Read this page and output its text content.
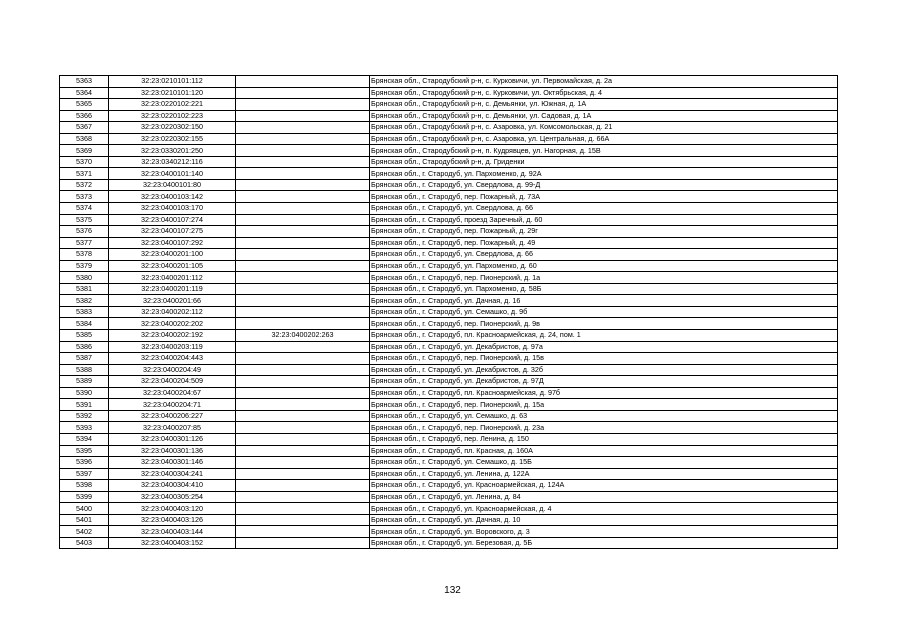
5363	32:23:0210101:112		Брянская обл., Стародубский р-н, с. Курковичи, ул. Первомайская, д. 2а
5364	32:23:0210101:120		Брянская обл., Стародубский р-н, с. Курковичи, ул. Октябрьская, д. 4
5365	32:23:0220102:221		Брянская обл., Стародубский р-н, с. Демьянки, ул. Южная, д. 1А
5366	32:23:0220102:223		Брянская обл., Стародубский р-н, с. Демьянки, ул. Садовая, д. 1А
5367	32:23:0220302:150		Брянская обл., Стародубский р-н, с. Азаровка, ул. Комсомольская, д. 21
5368	32:23:0220302:155		Брянская обл., Стародубский р-н, с. Азаровка, ул. Центральная, д. 66А
5369	32:23:0330201:250		Брянская обл., Стародубский р-н, п. Кудрявцев, ул. Нагорная, д. 15В
5370	32:23:0340212:116		Брянская обл., Стародубский р-н, д. Гриденки
5371	32:23:0400101:140		Брянская обл., г. Стародуб, ул. Пархоменко, д. 92А
5372	32:23:0400101:80		Брянская обл., г. Стародуб, ул. Свердлова, д. 99-Д
5373	32:23:0400103:142		Брянская обл., г. Стародуб, пер. Пожарный, д. 73А
5374	32:23:0400103:170		Брянская обл., г. Стародуб, ул. Свердлова, д. 66
5375	32:23:0400107:274		Брянская обл., г. Стародуб, проезд Заречный, д. 60
5376	32:23:0400107:275		Брянская обл., г. Стародуб, пер. Пожарный, д. 29г
5377	32:23:0400107:292		Брянская обл., г. Стародуб, пер. Пожарный, д. 49
5378	32:23:0400201:100		Брянская обл., г. Стародуб, ул. Свердлова, д. 66
5379	32:23:0400201:105		Брянская обл., г. Стародуб, ул. Пархоменко, д. 60
5380	32:23:0400201:112		Брянская обл., г. Стародуб, пер. Пионерский, д. 1а
5381	32:23:0400201:119		Брянская обл., г. Стародуб, ул. Пархоменко, д. 58Б
5382	32:23:0400201:66		Брянская обл., г. Стародуб, ул. Дачная, д. 16
5383	32:23:0400202:112		Брянская обл., г. Стародуб, ул. Семашко, д. 9б
5384	32:23:0400202:202		Брянская обл., г. Стародуб, пер. Пионерский, д. 9в
5385	32:23:0400202:192	32:23:0400202:263	Брянская обл., г. Стародуб, пл. Красноармейская, д. 24, пом. 1
5386	32:23:0400203:119		Брянская обл., г. Стародуб, ул. Декабристов, д. 97а
5387	32:23:0400204:443		Брянская обл., г. Стародуб, пер. Пионерский, д. 15в
5388	32:23:0400204:49		Брянская обл., г. Стародуб, ул. Декабристов, д. 32б
5389	32:23:0400204:509		Брянская обл., г. Стародуб, ул. Декабристов, д. 97Д
5390	32:23:0400204:67		Брянская обл., г. Стародуб, пл. Красноармейская, д. 97б
5391	32:23:0400204:71		Брянская обл., г. Стародуб, пер. Пионерский, д. 15а
5392	32:23:0400206:227		Брянская обл., г. Стародуб, ул. Семашко, д. 63
5393	32:23:0400207:85		Брянская обл., г. Стародуб, пер. Пионерский, д. 23а
5394	32:23:0400301:126		Брянская обл., г. Стародуб, пер. Ленина, д. 150
5395	32:23:0400301:136		Брянская обл., г. Стародуб, пл. Красная, д. 160А
5396	32:23:0400301:146		Брянская обл., г. Стародуб, ул. Семашко, д. 15Б
5397	32:23:0400304:241		Брянская обл., г. Стародуб, ул. Ленина, д. 122А
5398	32:23:0400304:410		Брянская обл., г. Стародуб, ул. Красноармейская, д. 124А
5399	32:23:0400305:254		Брянская обл., г. Стародуб, ул. Ленина, д. 84
5400	32:23:0400403:120		Брянская обл., г. Стародуб, ул. Красноармейская, д. 4
5401	32:23:0400403:126		Брянская обл., г. Стародуб, ул. Дачная, д. 10
5402	32:23:0400403:144		Брянская обл., г. Стародуб, ул. Воровского, д. 3
5403	32:23:0400403:152		Брянская обл., г. Стародуб, ул. Березовая, д. 5Б
132
